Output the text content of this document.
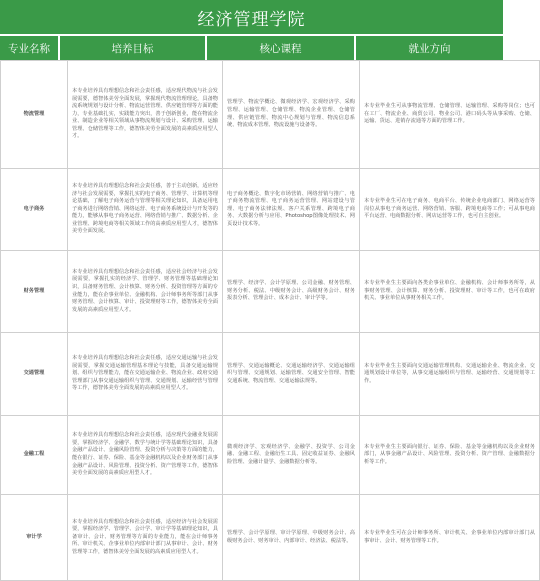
经济管理学院
专业名称	培养目标	核心课程	就业方向
物流管理	本专业培养具有理想信念和社会责任感，适应现代物流与社会发展需要，德智体美劳全面发展，掌握现代物流管理理论，具备物流系统规划与设计分析、物流运营管理、供应链管理等方面的能力，专业基础扎实，实践能力突出，善于创新创业，能在物流企业、制造企业等相关领域从事物流规划与设计、采购管理、运输管理、仓储管理等工作，德智体美劳全面发展的高素质应用型人才。	管理学、物流学概论、微观经济学、宏观经济学、采购管理、运输管理、仓储管理、物流企业管理、仓储管理、供应链管理、物流中心规划与管理、物流信息系统、物流成本管理、物流设施与设备等。	本专业毕业生可从事物流管理、仓储管理、运输管理、采购等岗位；也可在工厂、物流企业、商贸公司、物业公司、港口码头等从事采购、仓储、运输、货运、进销存流通等方面的管理工作。

电子商务	本专业培养具有理想信念和社会责任感，善于主动创新，适应经济与社会发展需要，掌握扎实的电子商务、管理学、计算机等理论基础，了解电子商务运营与管理等相关理论知识，具备运用电子商务进行网络营销、网络运营、电子商务系统设计与开发等的能力，能够从事电子商务运营、网络营销与推广、数据分析、企业管理、跨境电商等相关领域工作的高素质应用型人才，德智体美劳全面发展。	电子商务概论、数字化市场营销、网络营销与推广、电子商务物流管理、电子商务运营管理、网站建设与管理、电子商务法律法规、客户关系管理、跨境电子商务、大数据分析与应用、Photoshop图像处理技术、网页设计技术等。	本专业毕业生可在电子商务、电商平台、传统企业电商部门、网络运营等岗位从事电子商务运营、网络营销、客服、跨境电商等工作；可从事电商平台运营、电商数据分析、网店运营等工作，也可自主创业。

财务管理	本专业培养具有理想信念和社会责任感，适应社会经济与社会发展需要，掌握扎实的经济学、管理学、财务管理等基础理论知识，具备财务管理、会计核算、财务分析、投资管理等方面的专业能力，能在企事业单位、金融机构、会计师事务所等部门从事财务管理、会计核算、审计、投资理财等工作，德智体美劳全面发展的高素质应用型人才。	管理学、经济学、会计学原理、公司金融、财务管理、财务分析、税法、中级财务会计、高级财务会计、财务报表分析、管理会计、成本会计、审计学等。	本专业毕业生主要面向各类企事业单位、金融机构、会计师事务所等，从事财务管理、会计核算、财务分析、投资理财、审计等工作，也可在政府机关、事业单位从事财务相关工作。

交通管理	本专业培养具有理想信念和社会责任感，适应交通运输与社会发展需要，掌握交通运输管理基本理论与技能，具备交通运输规划、组织与管理能力，能在交通运输企业、物流企业、政府交通管理部门从事交通运输组织与管理、交通规划、运输经营与管理等工作，德智体美劳全面发展的高素质应用型人才。	管理学、交通运输概论、交通运输经济学、交通运输组织与管理、交通规划、运输管理、交通安全管理、智能交通系统、物流管理、交通运输法规等。	本专业毕业生主要面向交通运输管理机构、交通运输企业、物流企业、交通规划设计单位等，从事交通运输组织与管理、运输经营、交通规划等工作。

金融工程	本专业培养具有理想信念和社会责任感，适应现代金融业发展需要，掌握经济学、金融学、数学与统计学等基础理论知识，具备金融产品设计、金融风险管理、投资分析与决策等方面的能力，能在银行、证券、保险、基金等金融机构以及企业财务部门从事金融产品设计、风险管理、投资分析、资产管理等工作，德智体美劳全面发展的高素质应用型人才。	微观经济学、宏观经济学、金融学、投资学、公司金融、金融工程、金融衍生工具、固定收益证券、金融风险管理、金融计量学、金融数据分析等。	本专业毕业生主要面向银行、证券、保险、基金等金融机构以及企业财务部门，从事金融产品设计、风险管理、投资分析、资产管理、金融数据分析等工作。

审计学	本专业培养具有理想信念和社会责任感，适应经济与社会发展需要，掌握经济学、管理学、会计学、审计学等基础理论知识，具备审计、会计、财务管理等方面的专业能力，能在会计师事务所、审计机关、企事业单位内部审计部门从事审计、会计、财务管理等工作，德智体美劳全面发展的高素质应用型人才。	管理学、会计学原理、审计学原理、中级财务会计、高级财务会计、财务审计、内部审计、经济法、税法等。	本专业毕业生可在会计师事务所、审计机关、企事业单位内部审计部门从事审计、会计、财务管理等工作。
